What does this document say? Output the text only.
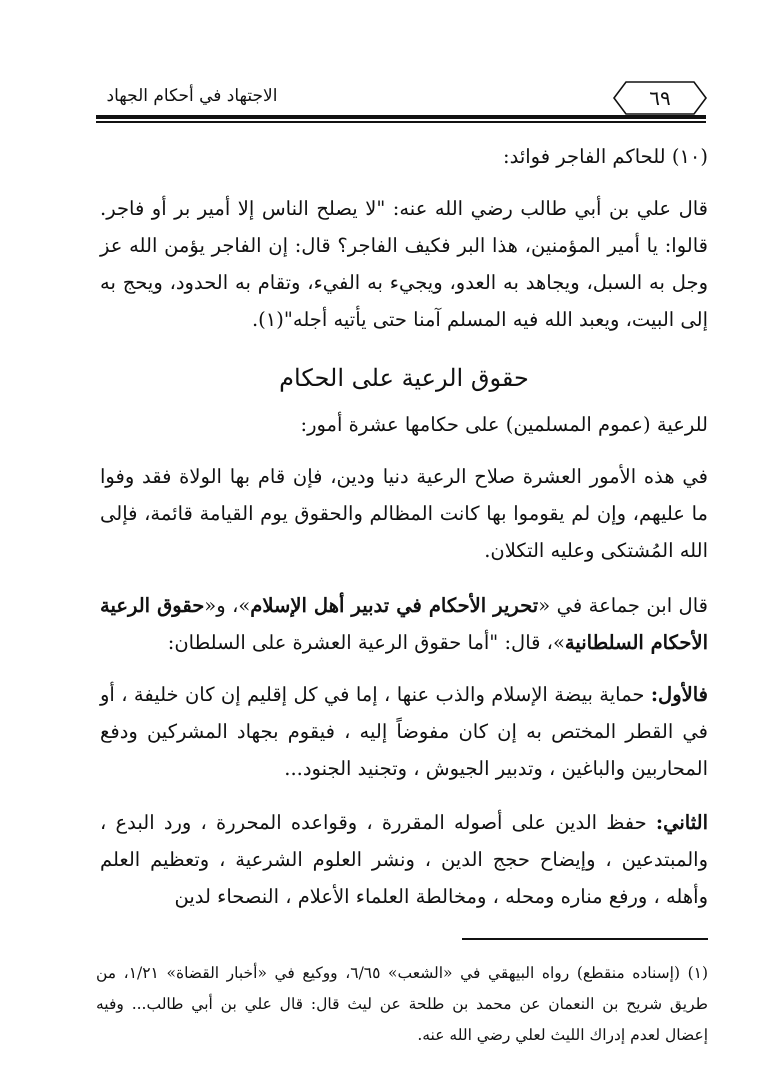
الاجتهاد في أحكام الجهاد	٦٩
(١٠) للحاكم الفاجر فوائد:
قال علي بن أبي طالب رضي الله عنه: "لا يصلح الناس إلا أمير بر أو فاجر. قالوا: يا أمير المؤمنين، هذا البر فكيف الفاجر؟ قال: إن الفاجر يؤمن الله عز وجل به السبل، ويجاهد به العدو، ويجيء به الفيء، وتقام به الحدود، ويحج به إلى البيت، ويعبد الله فيه المسلم آمنا حتى يأتيه أجله"(١).
حقوق الرعية على الحكام
للرعية (عموم المسلمين) على حكامها عشرة أمور:
في هذه الأمور العشرة صلاح الرعية دنيا ودين، فإن قام بها الولاة فقد وفوا ما عليهم، وإن لم يقوموا بها كانت المظالم والحقوق يوم القيامة قائمة، فإلى الله المُشتكى وعليه التكلان.
قال ابن جماعة في «تحرير الأحكام في تدبير أهل الإسلام»، و«حقوق الرعية الأحكام السلطانية»، قال: "أما حقوق الرعية العشرة على السلطان:
فالأول: حماية بيضة الإسلام والذب عنها ، إما في كل إقليم إن كان خليفة ، أو في القطر المختص به إن كان مفوضاً إليه ، فيقوم بجهاد المشركين ودفع المحاربين والباغين ، وتدبير الجيوش ، وتجنيد الجنود...
الثاني: حفظ الدين على أصوله المقررة ، وقواعده المحررة ، ورد البدع ، والمبتدعين ، وإيضاح حجج الدين ، ونشر العلوم الشرعية ، وتعظيم العلم وأهله ، ورفع مناره ومحله ، ومخالطة العلماء الأعلام ، النصحاء لدين
(١) (إسناده منقطع) رواه البيهقي في «الشعب» ٦/٦٥، ووكيع في «أخبار القضاة» ١/٢١، من طريق شريح بن النعمان عن محمد بن طلحة عن ليث قال: قال علي بن أبي طالب... وفيه إعضال لعدم إدراك الليث لعلي رضي الله عنه.
